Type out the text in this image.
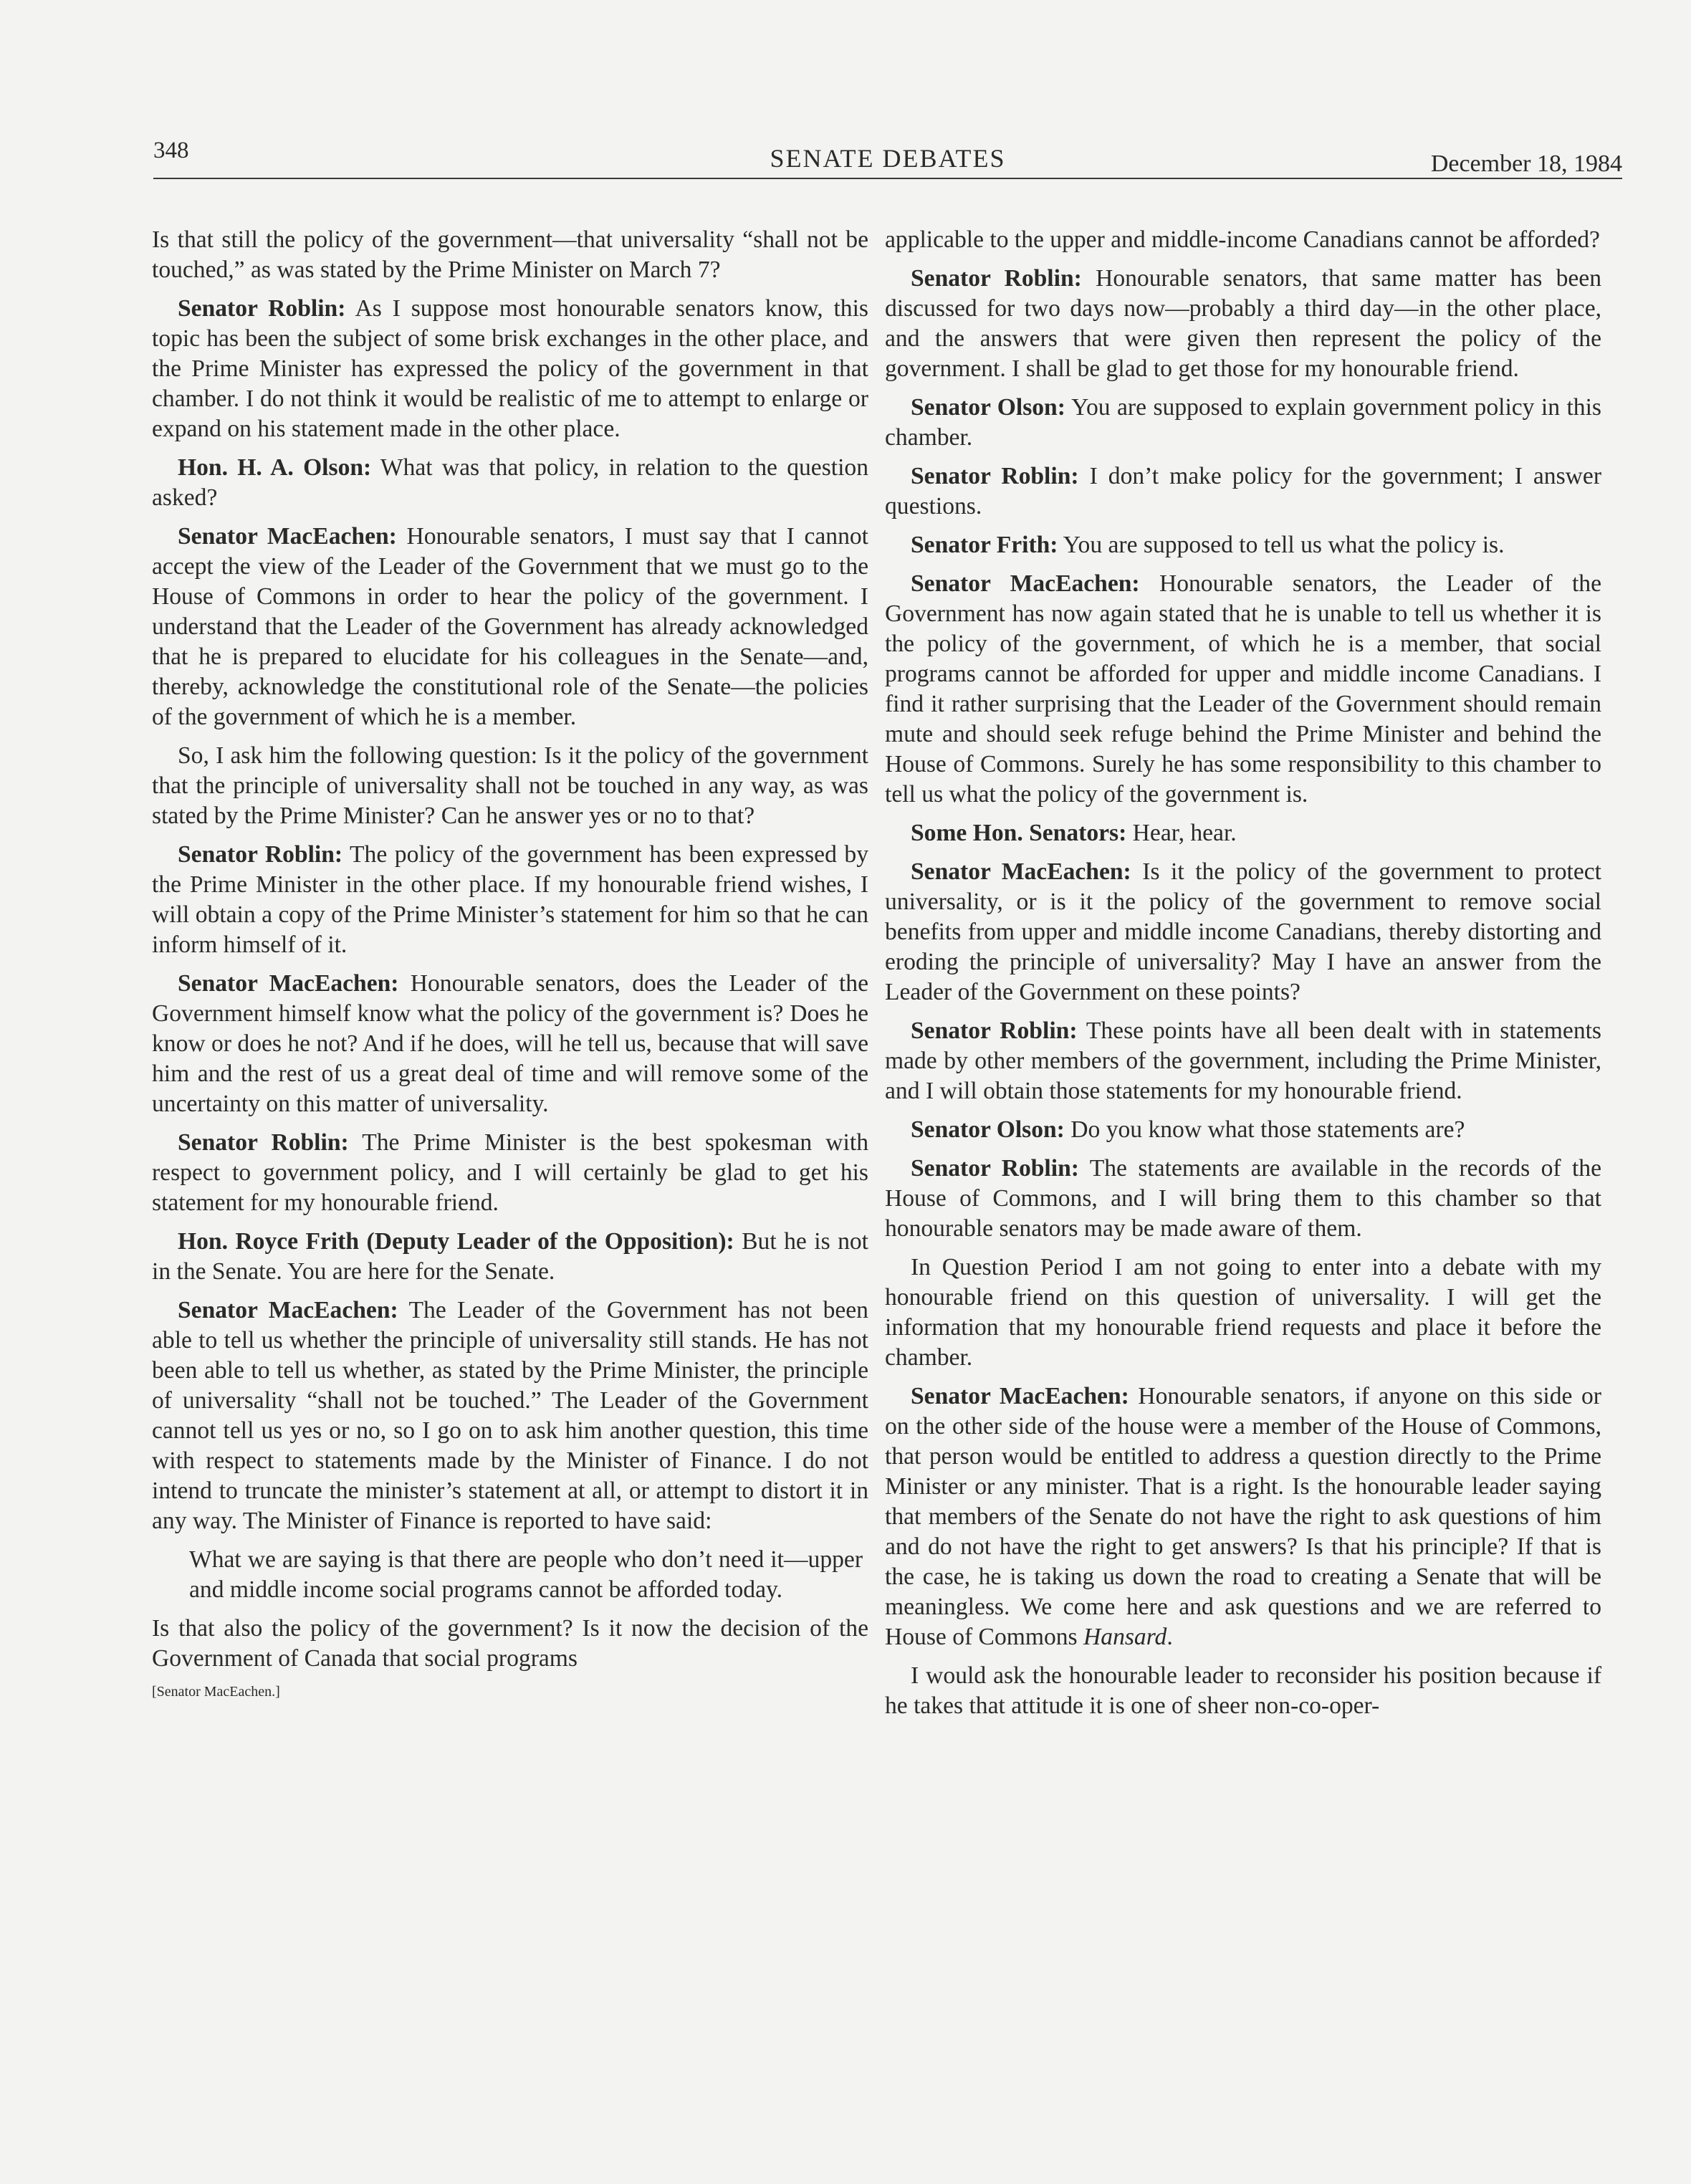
348	SENATE DEBATES	December 18, 1984

Is that still the policy of the government—that universality “shall not be touched,” as was stated by the Prime Minister on March 7?

Senator Roblin: As I suppose most honourable senators know, this topic has been the subject of some brisk exchanges in the other place, and the Prime Minister has expressed the policy of the government in that chamber. I do not think it would be realistic of me to attempt to enlarge or expand on his statement made in the other place.

Hon. H. A. Olson: What was that policy, in relation to the question asked?

Senator MacEachen: Honourable senators, I must say that I cannot accept the view of the Leader of the Government that we must go to the House of Commons in order to hear the policy of the government. I understand that the Leader of the Government has already acknowledged that he is prepared to elucidate for his colleagues in the Senate—and, thereby, acknowledge the constitutional role of the Senate—the policies of the government of which he is a member.

So, I ask him the following question: Is it the policy of the government that the principle of universality shall not be touched in any way, as was stated by the Prime Minister? Can he answer yes or no to that?

Senator Roblin: The policy of the government has been expressed by the Prime Minister in the other place. If my honourable friend wishes, I will obtain a copy of the Prime Minister’s statement for him so that he can inform himself of it.

Senator MacEachen: Honourable senators, does the Leader of the Government himself know what the policy of the government is? Does he know or does he not? And if he does, will he tell us, because that will save him and the rest of us a great deal of time and will remove some of the uncertainty on this matter of universality.

Senator Roblin: The Prime Minister is the best spokesman with respect to government policy, and I will certainly be glad to get his statement for my honourable friend.

Hon. Royce Frith (Deputy Leader of the Opposition): But he is not in the Senate. You are here for the Senate.

Senator MacEachen: The Leader of the Government has not been able to tell us whether the principle of universality still stands. He has not been able to tell us whether, as stated by the Prime Minister, the principle of universality “shall not be touched.” The Leader of the Government cannot tell us yes or no, so I go on to ask him another question, this time with respect to statements made by the Minister of Finance. I do not intend to truncate the minister’s statement at all, or attempt to distort it in any way. The Minister of Finance is reported to have said:

What we are saying is that there are people who don’t need it—upper and middle income social programs cannot be afforded today.

Is that also the policy of the government? Is it now the decision of the Government of Canada that social programs

[Senator MacEachen.]

applicable to the upper and middle-income Canadians cannot be afforded?

Senator Roblin: Honourable senators, that same matter has been discussed for two days now—probably a third day—in the other place, and the answers that were given then represent the policy of the government. I shall be glad to get those for my honourable friend.

Senator Olson: You are supposed to explain government policy in this chamber.

Senator Roblin: I don’t make policy for the government; I answer questions.

Senator Frith: You are supposed to tell us what the policy is.

Senator MacEachen: Honourable senators, the Leader of the Government has now again stated that he is unable to tell us whether it is the policy of the government, of which he is a member, that social programs cannot be afforded for upper and middle income Canadians. I find it rather surprising that the Leader of the Government should remain mute and should seek refuge behind the Prime Minister and behind the House of Commons. Surely he has some responsibility to this chamber to tell us what the policy of the government is.

Some Hon. Senators: Hear, hear.

Senator MacEachen: Is it the policy of the government to protect universality, or is it the policy of the government to remove social benefits from upper and middle income Canadians, thereby distorting and eroding the principle of universality? May I have an answer from the Leader of the Government on these points?

Senator Roblin: These points have all been dealt with in statements made by other members of the government, including the Prime Minister, and I will obtain those statements for my honourable friend.

Senator Olson: Do you know what those statements are?

Senator Roblin: The statements are available in the records of the House of Commons, and I will bring them to this chamber so that honourable senators may be made aware of them.

In Question Period I am not going to enter into a debate with my honourable friend on this question of universality. I will get the information that my honourable friend requests and place it before the chamber.

Senator MacEachen: Honourable senators, if anyone on this side or on the other side of the house were a member of the House of Commons, that person would be entitled to address a question directly to the Prime Minister or any minister. That is a right. Is the honourable leader saying that members of the Senate do not have the right to ask questions of him and do not have the right to get answers? Is that his principle? If that is the case, he is taking us down the road to creating a Senate that will be meaningless. We come here and ask questions and we are referred to House of Commons Hansard.

I would ask the honourable leader to reconsider his position because if he takes that attitude it is one of sheer non-co-oper-
